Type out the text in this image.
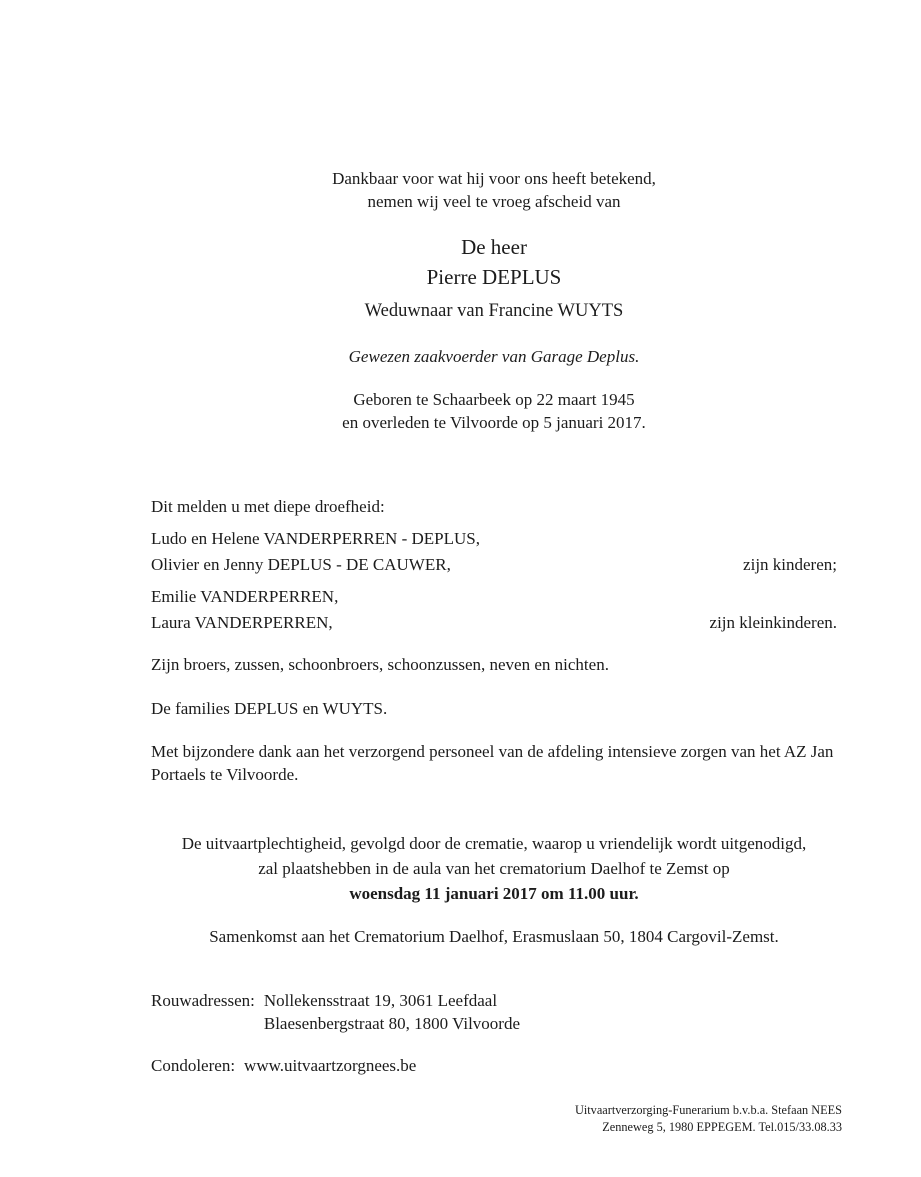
Dankbaar voor wat hij voor ons heeft betekend,

nemen wij veel te vroeg afscheid van

De heer

Pierre DEPLUS

Weduwnaar van Francine WUYTS

Gewezen zaakvoerder van Garage Deplus.

Geboren te Schaarbeek op 22 maart 1945

en overleden te Vilvoorde op 5 januari 2017.

Dit melden u met diepe droefheid:

Ludo en Helene VANDERPERREN - DEPLUS,

Olivier en Jenny DEPLUS - DE CAUWER,	zijn kinderen;

Emilie VANDERPERREN,

Laura VANDERPERREN,	zijn kleinkinderen.

Zijn broers, zussen, schoonbroers, schoonzussen, neven en nichten.

De families DEPLUS en WUYTS.

Met bijzondere dank aan het verzorgend personeel van de afdeling intensieve zorgen van het AZ Jan Portaels te Vilvoorde.

De uitvaartplechtigheid, gevolgd door de crematie, waarop u vriendelijk wordt uitgenodigd,

zal plaatshebben in de aula van het crematorium Daelhof te Zemst op

woensdag 11 januari 2017 om 11.00 uur.

Samenkomst aan het Crematorium Daelhof, Erasmuslaan 50, 1804 Cargovil-Zemst.

Rouwadressen: Nollekensstraat 19, 3061 Leefdaal

Blaesenbergstraat 80, 1800 Vilvoorde

Condoleren: www.uitvaartzorgnees.be

Uitvaartverzorging-Funerarium b.v.b.a. Stefaan NEES

Zenneweg 5, 1980 EPPEGEM. Tel.015/33.08.33
